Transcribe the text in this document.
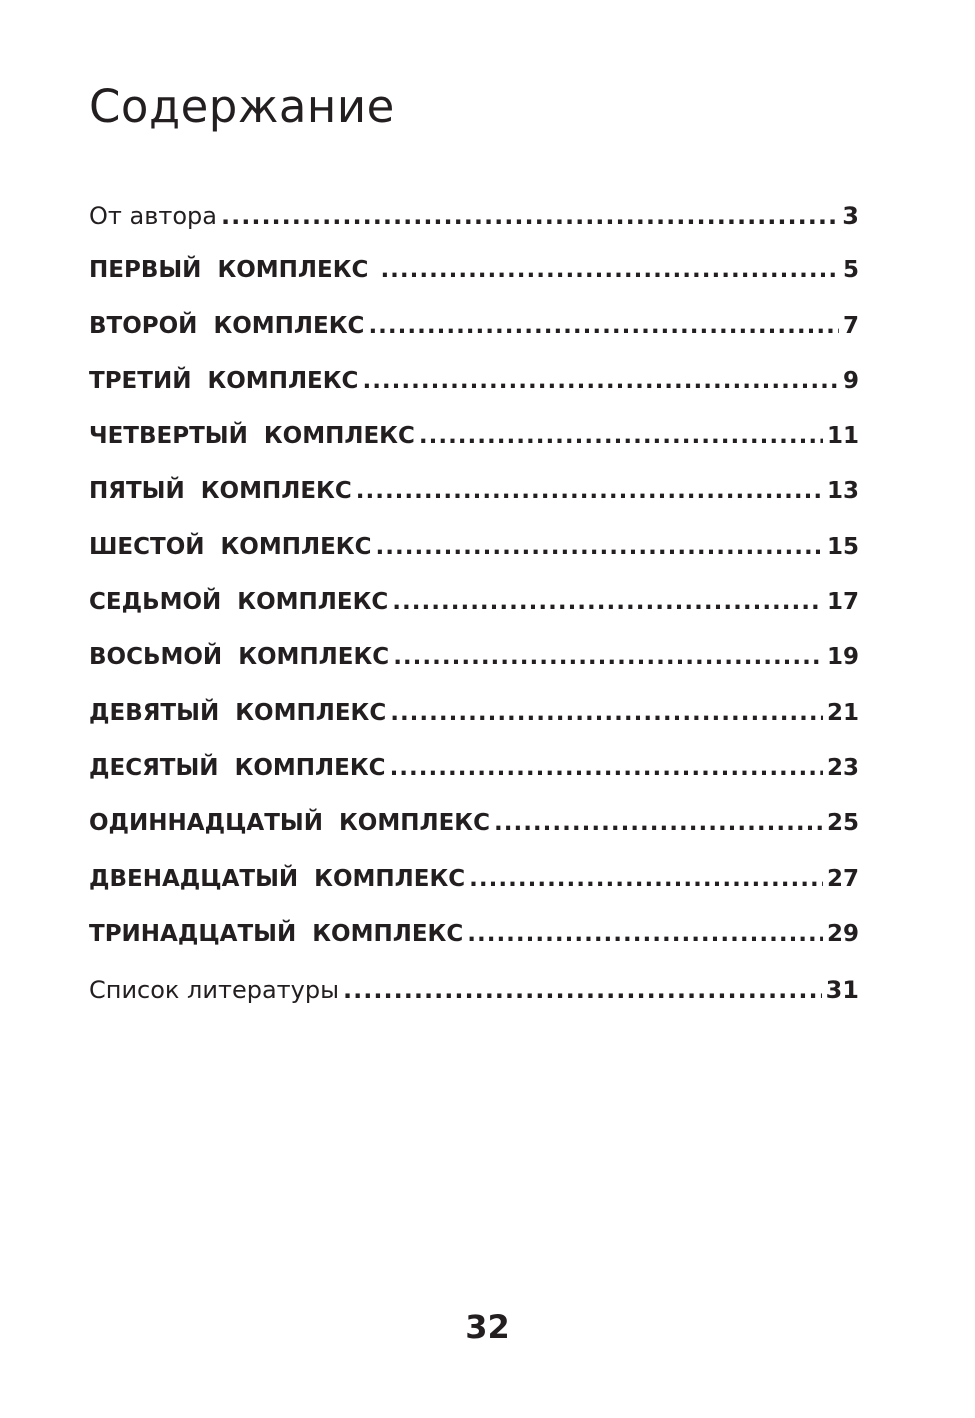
Содержание
От автора .....	3
ПЕРВЫЙ  КОМПЛЕКС .....	5
ВТОРОЙ  КОМПЛЕКС .....	7
ТРЕТИЙ  КОМПЛЕКС .....	9
ЧЕТВЕРТЫЙ  КОМПЛЕКС .....	11
ПЯТЫЙ  КОМПЛЕКС .....	13
ШЕСТОЙ  КОМПЛЕКС .....	15
СЕДЬМОЙ  КОМПЛЕКС .....	17
ВОСЬМОЙ  КОМПЛЕКС .....	19
ДЕВЯТЫЙ  КОМПЛЕКС .....	21
ДЕСЯТЫЙ  КОМПЛЕКС .....	23
ОДИННАДЦАТЫЙ  КОМПЛЕКС .....	25
ДВЕНАДЦАТЫЙ  КОМПЛЕКС .....	27
ТРИНАДЦАТЫЙ  КОМПЛЕКС .....	29
Список литературы .....	31
32
